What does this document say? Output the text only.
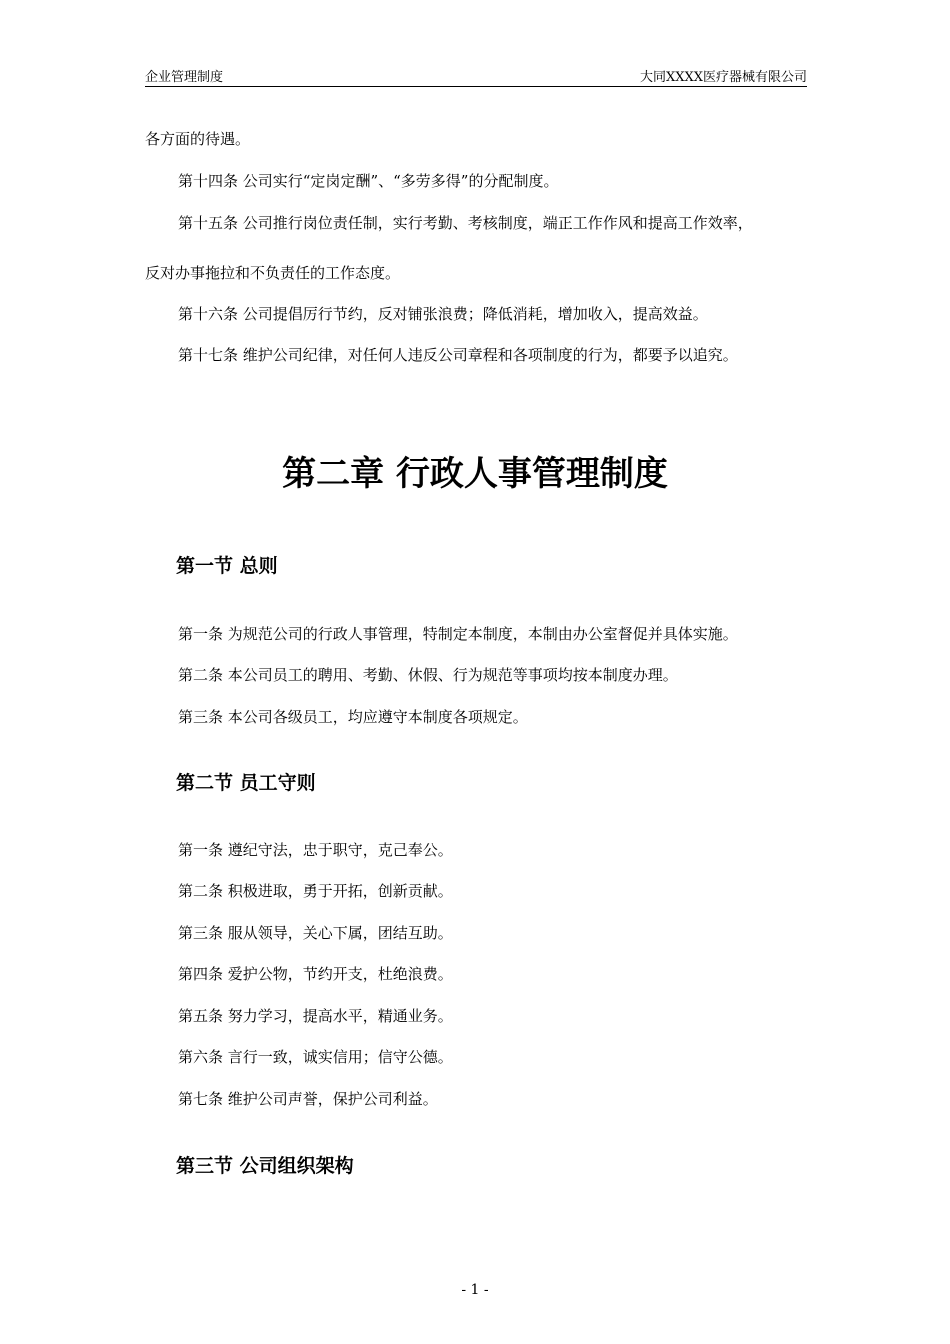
企业管理制度	大同XXXX医疗器械有限公司
各方面的待遇。
第十四条 公司实行“定岗定酬”、“多劳多得”的分配制度。
第十五条 公司推行岗位责任制，实行考勤、考核制度，端正工作作风和提高工作效率，
反对办事拖拉和不负责任的工作态度。
第十六条 公司提倡厉行节约，反对铺张浪费；降低消耗，增加收入，提高效益。
第十七条 维护公司纪律，对任何人违反公司章程和各项制度的行为，都要予以追究。
第二章 行政人事管理制度
第一节 总则
第一条 为规范公司的行政人事管理，特制定本制度，本制由办公室督促并具体实施。
第二条 本公司员工的聘用、考勤、休假、行为规范等事项均按本制度办理。
第三条 本公司各级员工，均应遵守本制度各项规定。
第二节 员工守则
第一条 遵纪守法，忠于职守，克己奉公。
第二条 积极进取，勇于开拓，创新贡献。
第三条 服从领导，关心下属，团结互助。
第四条 爱护公物，节约开支，杜绝浪费。
第五条 努力学习，提高水平，精通业务。
第六条 言行一致，诚实信用；信守公德。
第七条 维护公司声誉，保护公司利益。
第三节 公司组织架构
- 1 -
